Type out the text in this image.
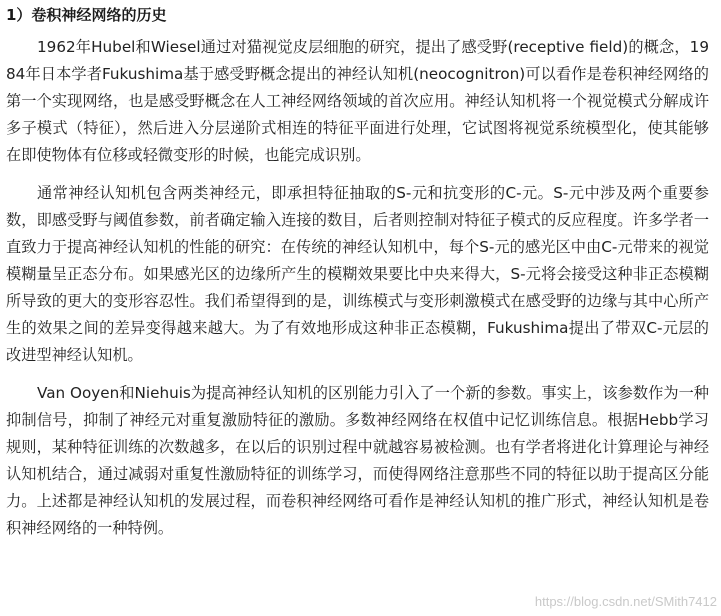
1）卷积神经网络的历史

1962年Hubel和Wiesel通过对猫视觉皮层细胞的研究，提出了感受野(receptive field)的概念，1984年日本学者Fukushima基于感受野概念提出的神经认知机(neocognitron)可以看作是卷积神经网络的第一个实现网络，也是感受野概念在人工神经网络领域的首次应用。神经认知机将一个视觉模式分解成许多子模式（特征），然后进入分层递阶式相连的特征平面进行处理，它试图将视觉系统模型化，使其能够在即使物体有位移或轻微变形的时候，也能完成识别。

通常神经认知机包含两类神经元，即承担特征抽取的S-元和抗变形的C-元。S-元中涉及两个重要参数，即感受野与阈值参数，前者确定输入连接的数目，后者则控制对特征子模式的反应程度。许多学者一直致力于提高神经认知机的性能的研究：在传统的神经认知机中，每个S-元的感光区中由C-元带来的视觉模糊量呈正态分布。如果感光区的边缘所产生的模糊效果要比中央来得大，S-元将会接受这种非正态模糊所导致的更大的变形容忍性。我们希望得到的是，训练模式与变形刺激模式在感受野的边缘与其中心所产生的效果之间的差异变得越来越大。为了有效地形成这种非正态模糊，Fukushima提出了带双C-元层的改进型神经认知机。

Van Ooyen和Niehuis为提高神经认知机的区别能力引入了一个新的参数。事实上，该参数作为一种抑制信号，抑制了神经元对重复激励特征的激励。多数神经网络在权值中记忆训练信息。根据Hebb学习规则，某种特征训练的次数越多，在以后的识别过程中就越容易被检测。也有学者将进化计算理论与神经认知机结合，通过减弱对重复性激励特征的训练学习，而使得网络注意那些不同的特征以助于提高区分能力。上述都是神经认知机的发展过程，而卷积神经网络可看作是神经认知机的推广形式，神经认知机是卷积神经网络的一种特例。

https://blog.csdn.net/SMith7412
